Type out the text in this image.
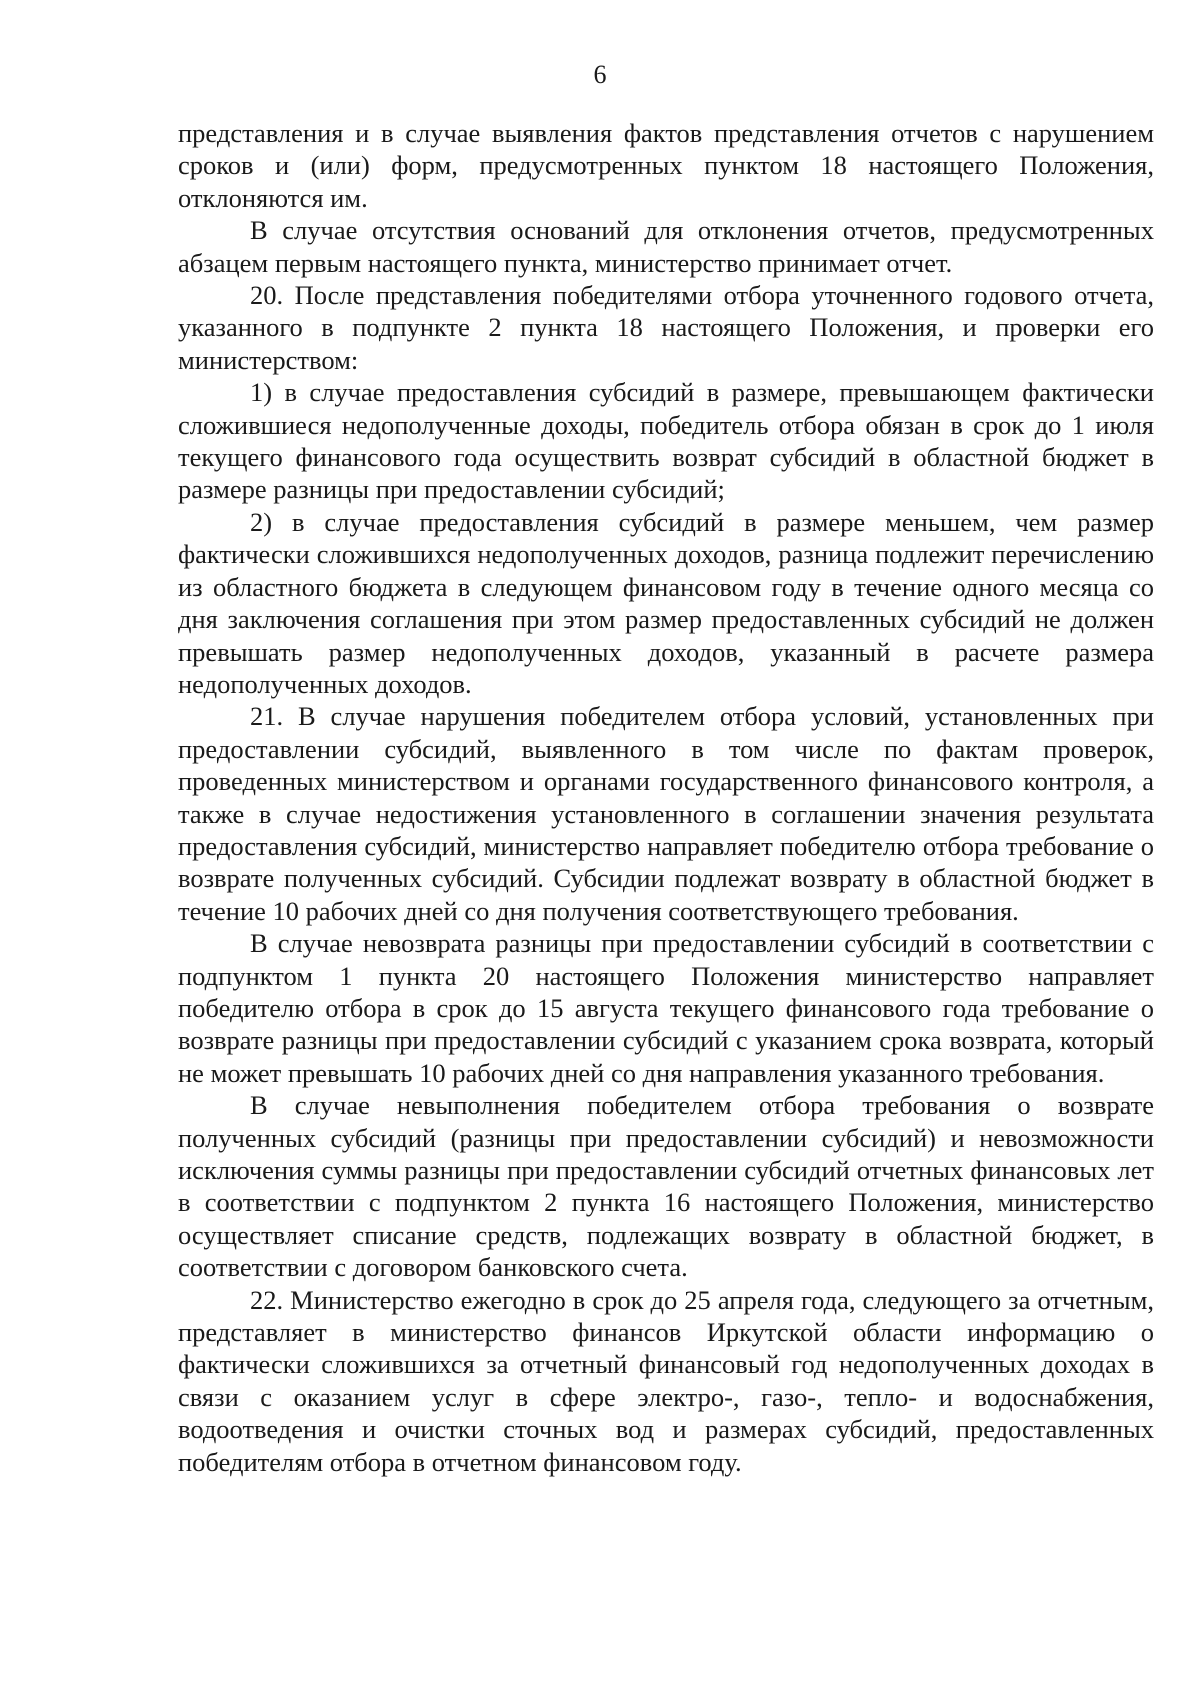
6

представления и в случае выявления фактов представления отчетов с нарушением сроков и (или) форм, предусмотренных пунктом 18 настоящего Положения, отклоняются им.

В случае отсутствия оснований для отклонения отчетов, предусмотренных абзацем первым настоящего пункта, министерство принимает отчет.

20. После представления победителями отбора уточненного годового отчета, указанного в подпункте 2 пункта 18 настоящего Положения, и проверки его министерством:

1) в случае предоставления субсидий в размере, превышающем фактически сложившиеся недополученные доходы, победитель отбора обязан в срок до 1 июля текущего финансового года осуществить возврат субсидий в областной бюджет в размере разницы при предоставлении субсидий;

2) в случае предоставления субсидий в размере меньшем, чем размер фактически сложившихся недополученных доходов, разница подлежит перечислению из областного бюджета в следующем финансовом году в течение одного месяца со дня заключения соглашения при этом размер предоставленных субсидий не должен превышать размер недополученных доходов, указанный в расчете размера недополученных доходов.

21. В случае нарушения победителем отбора условий, установленных при предоставлении субсидий, выявленного в том числе по фактам проверок, проведенных министерством и органами государственного финансового контроля, а также в случае недостижения установленного в соглашении значения результата предоставления субсидий, министерство направляет победителю отбора требование о возврате полученных субсидий. Субсидии подлежат возврату в областной бюджет в течение 10 рабочих дней со дня получения соответствующего требования.

В случае невозврата разницы при предоставлении субсидий в соответствии с подпунктом 1 пункта 20 настоящего Положения министерство направляет победителю отбора в срок до 15 августа текущего финансового года требование о возврате разницы при предоставлении субсидий с указанием срока возврата, который не может превышать 10 рабочих дней со дня направления указанного требования.

В случае невыполнения победителем отбора требования о возврате полученных субсидий (разницы при предоставлении субсидий) и невозможности исключения суммы разницы при предоставлении субсидий отчетных финансовых лет в соответствии с подпунктом 2 пункта 16 настоящего Положения, министерство осуществляет списание средств, подлежащих возврату в областной бюджет, в соответствии с договором банковского счета.

22. Министерство ежегодно в срок до 25 апреля года, следующего за отчетным, представляет в министерство финансов Иркутской области информацию о фактически сложившихся за отчетный финансовый год недополученных доходах в связи с оказанием услуг в сфере электро-, газо-, тепло- и водоснабжения, водоотведения и очистки сточных вод и размерах субсидий, предоставленных победителям отбора в отчетном финансовом году.
